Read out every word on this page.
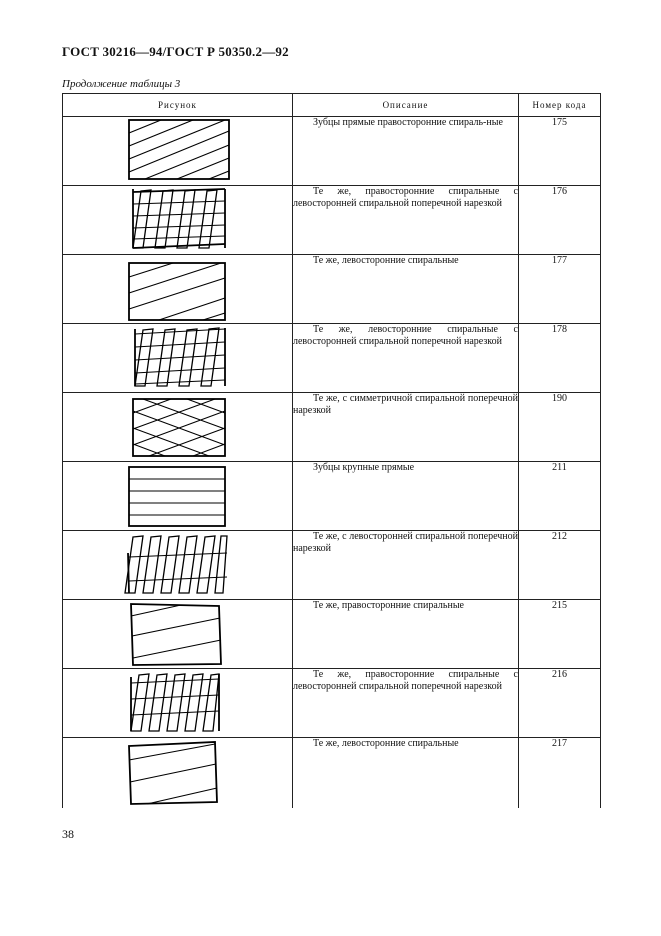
ГОСТ 30216—94/ГОСТ Р 50350.2—92
Продолжение таблицы 3
Рисунок	Описание	Номер кода

	Зубцы прямые правосторонние спираль-ные	175

	Те же, правосторонние спиральные с левосторонней спиральной поперечной нарезкой	176

	Те же, левосторонние спиральные	177

	Те же, левосторонние спиральные с левосторонней спиральной поперечной нарезкой	178

	Те же, с симметричной спиральной поперечной нарезкой	190

	Зубцы крупные прямые	211

	Те же, с левосторонней спиральной поперечной нарезкой	212

	Те же, правосторонние спиральные	215

	Те же, правосторонние спиральные с левосторонней спиральной поперечной нарезкой	216

	Те же, левосторонние спиральные	217
38
